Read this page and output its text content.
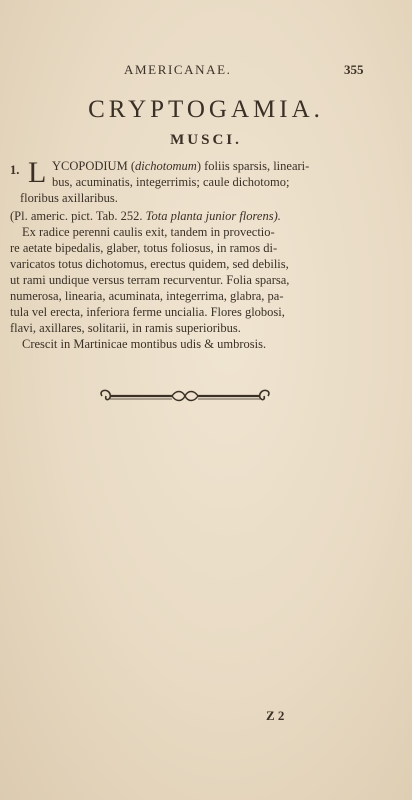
AMERICANAE.	355
CRYPTOGAMIA.
MUSCI.
1. L YCOPODIUM (dichotomum) foliis sparsis, lineari-
bus, acuminatis, integerrimis; caule dichotomo;
floribus axillaribus.
(Pl. americ. pict. Tab. 252. Tota planta junior florens).
Ex radice perenni caulis exit, tandem in provectio-
re aetate bipedalis, glaber, totus foliosus, in ramos di-
varicatos totus dichotomus, erectus quidem, sed debilis,
ut rami undique versus terram recurventur. Folia sparsa,
numerosa, linearia, acuminata, integerrima, glabra, pa-
tula vel erecta, inferiora ferme uncialia. Flores globosi,
flavi, axillares, solitarii, in ramis superioribus.
Crescit in Martinicae montibus udis & umbrosis.
Z 2
